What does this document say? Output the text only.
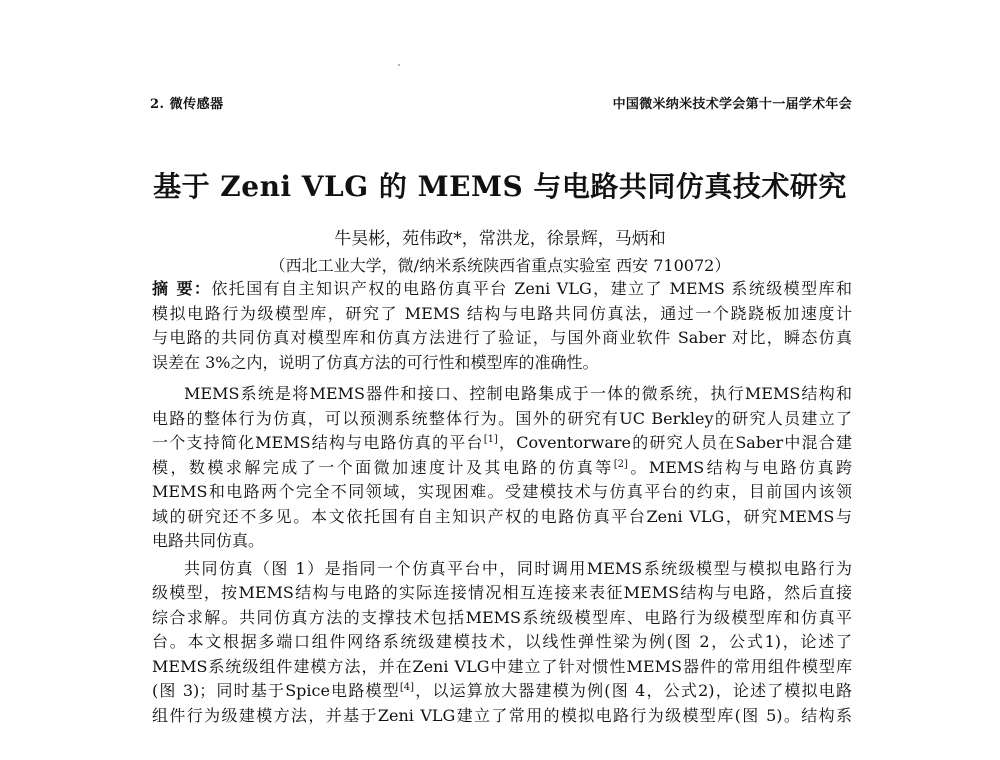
2. 微传感器	中国微米纳米技术学会第十一届学术年会
基于 Zeni VLG 的 MEMS 与电路共同仿真技术研究
牛昊彬，苑伟政*，常洪龙，徐景辉，马炳和
（西北工业大学，微/纳米系统陕西省重点实验室 西安 710072）
摘 要：依托国有自主知识产权的电路仿真平台 Zeni VLG，建立了 MEMS 系统级模型库和
模拟电路行为级模型库，研究了 MEMS 结构与电路共同仿真法，通过一个跷跷板加速度计
与电路的共同仿真对模型库和仿真方法进行了验证，与国外商业软件 Saber 对比，瞬态仿真
误差在 3%之内，说明了仿真方法的可行性和模型库的准确性。
MEMS系统是将MEMS器件和接口、控制电路集成于一体的微系统，执行MEMS结构和
电路的整体行为仿真，可以预测系统整体行为。国外的研究有UC Berkley的研究人员建立了
一个支持简化MEMS结构与电路仿真的平台[1]，Coventorware的研究人员在Saber中混合建
模，数模求解完成了一个面微加速度计及其电路的仿真等[2]。MEMS结构与电路仿真跨
MEMS和电路两个完全不同领域，实现困难。受建模技术与仿真平台的约束，目前国内该领
域的研究还不多见。本文依托国有自主知识产权的电路仿真平台Zeni VLG，研究MEMS与
电路共同仿真。
共同仿真（图 1）是指同一个仿真平台中，同时调用MEMS系统级模型与模拟电路行为
级模型，按MEMS结构与电路的实际连接情况相互连接来表征MEMS结构与电路，然后直接
综合求解。共同仿真方法的支撑技术包括MEMS系统级模型库、电路行为级模型库和仿真平
台。本文根据多端口组件网络系统级建模技术，以线性弹性梁为例(图 2，公式1)，论述了
MEMS系统级组件建模方法，并在Zeni VLG中建立了针对惯性MEMS器件的常用组件模型库
(图 3)；同时基于Spice电路模型[4]，以运算放大器建模为例(图 4，公式2)，论述了模拟电路
组件行为级建模方法，并基于Zeni VLG建立了常用的模拟电路行为级模型库(图 5)。结构系
